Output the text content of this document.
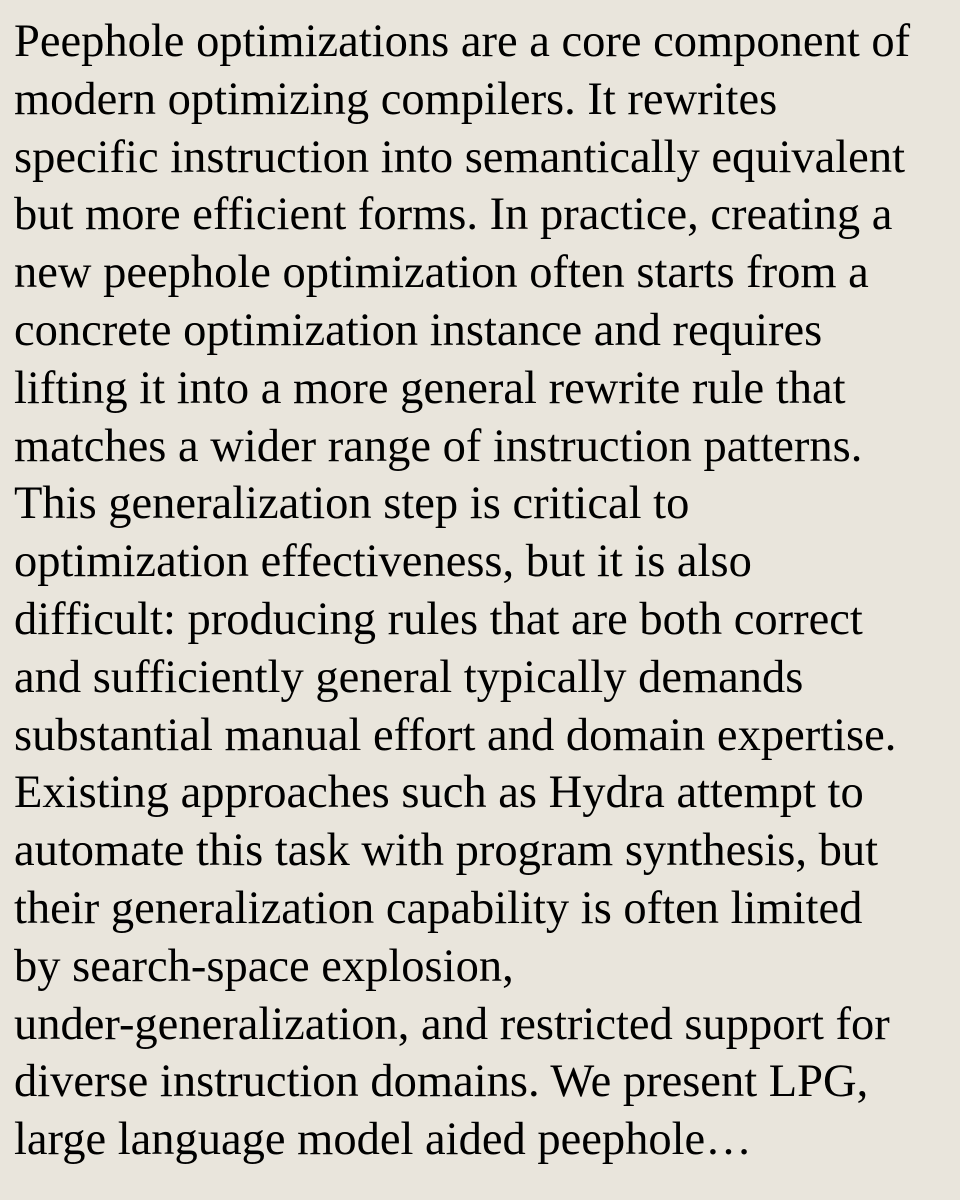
Peephole optimizations are a core component of
modern optimizing compilers. It rewrites
specific instruction into semantically equivalent
but more efficient forms. In practice, creating a
new peephole optimization often starts from a
concrete optimization instance and requires
lifting it into a more general rewrite rule that
matches a wider range of instruction patterns.
This generalization step is critical to
optimization effectiveness, but it is also
difficult: producing rules that are both correct
and sufficiently general typically demands
substantial manual effort and domain expertise.
Existing approaches such as Hydra attempt to
automate this task with program synthesis, but
their generalization capability is often limited
by search-space explosion,
under-generalization, and restricted support for
diverse instruction domains. We present LPG,
large language model aided peephole…
